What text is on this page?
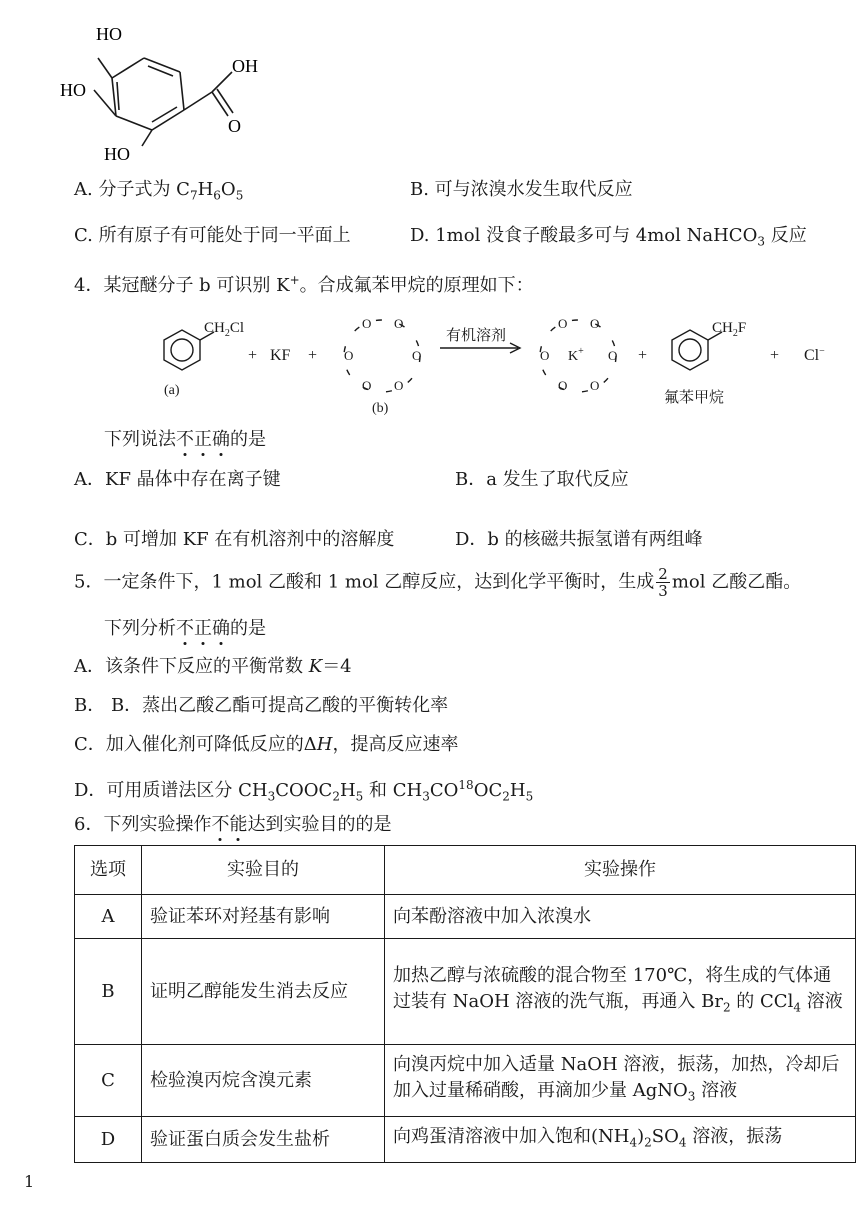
HO
HO
HO
OH
O
A. 分子式为 $C_7H_6O_5$	B. 可与浓溴水发生取代反应
C. 所有原子有可能处于同一平面上	D. 1mol 没食子酸最多可与 4mol NaHCO$_3$ 反应
4．某冠醚分子 b 可识别 K+。合成氟苯甲烷的原理如下：
$CH_2Cl$
(a)
+ KF +
O O
O	O
O O
(b)
有机溶剂
O O
O	O
O O
K+	+
$CH_2F$
氟苯甲烷
+ Cl−
下列说法不正确的是
A．KF 晶体中存在离子键	B．a 发生了取代反应
C．b 可增加 KF 在有机溶剂中的溶解度	D．b 的核磁共振氢谱有两组峰
5．一定条件下，1 mol 乙酸和 1 mol 乙醇反应，达到化学平衡时，生成 $\frac{2}{3}$ mol 乙酸乙酯。
下列分析不正确的是
A．该条件下反应的平衡常数 K＝4
B． B．蒸出乙酸乙酯可提高乙酸的平衡转化率
C．加入催化剂可降低反应的ΔH，提高反应速率
D．可用质谱法区分 $CH_3COOC_2H_5$ 和 $CH_3CO^{18}OC_2H_5$
6．下列实验操作不能达到实验目的的是
选项	实验目的	实验操作
A	验证苯环对羟基有影响	向苯酚溶液中加入浓溴水
B	证明乙醇能发生消去反应	加热乙醇与浓硫酸的混合物至 170℃，将生成的气体通过装有 NaOH 溶液的洗气瓶，再通入 $Br_2$ 的 CCl$_4$ 溶液
C	检验溴丙烷含溴元素	向溴丙烷中加入适量 NaOH 溶液，振荡，加热，冷却后加入过量稀硝酸，再滴加少量 AgNO$_3$ 溶液
D	验证蛋白质会发生盐析	向鸡蛋清溶液中加入饱和$(NH_4)_2SO_4$ 溶液，振荡
1
